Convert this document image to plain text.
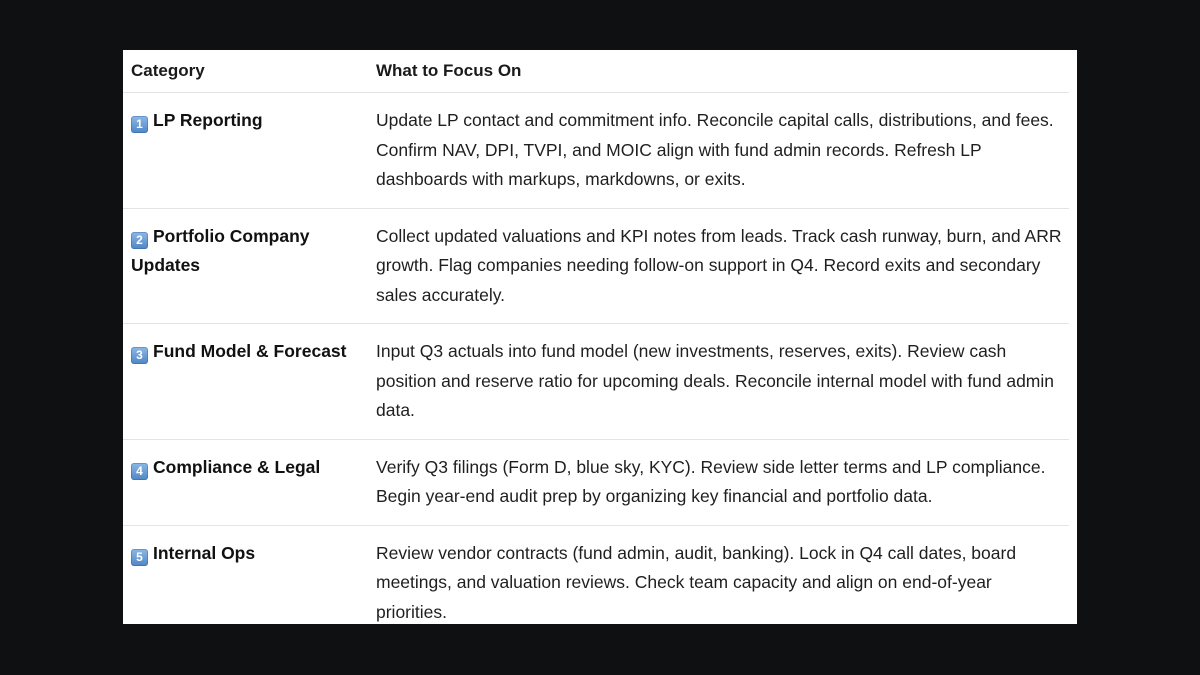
Category	What to Focus On
1 LP Reporting	Update LP contact and commitment info. Reconcile capital calls, distributions, and fees. Confirm NAV, DPI, TVPI, and MOIC align with fund admin records. Refresh LP dashboards with markups, markdowns, or exits.
2 Portfolio Company Updates	Collect updated valuations and KPI notes from leads. Track cash runway, burn, and ARR growth. Flag companies needing follow-on support in Q4. Record exits and secondary sales accurately.
3 Fund Model & Forecast	Input Q3 actuals into fund model (new investments, reserves, exits). Review cash position and reserve ratio for upcoming deals. Reconcile internal model with fund admin data.
4 Compliance & Legal	Verify Q3 filings (Form D, blue sky, KYC). Review side letter terms and LP compliance. Begin year-end audit prep by organizing key financial and portfolio data.
5 Internal Ops	Review vendor contracts (fund admin, audit, banking). Lock in Q4 call dates, board meetings, and valuation reviews. Check team capacity and align on end-of-year priorities.
